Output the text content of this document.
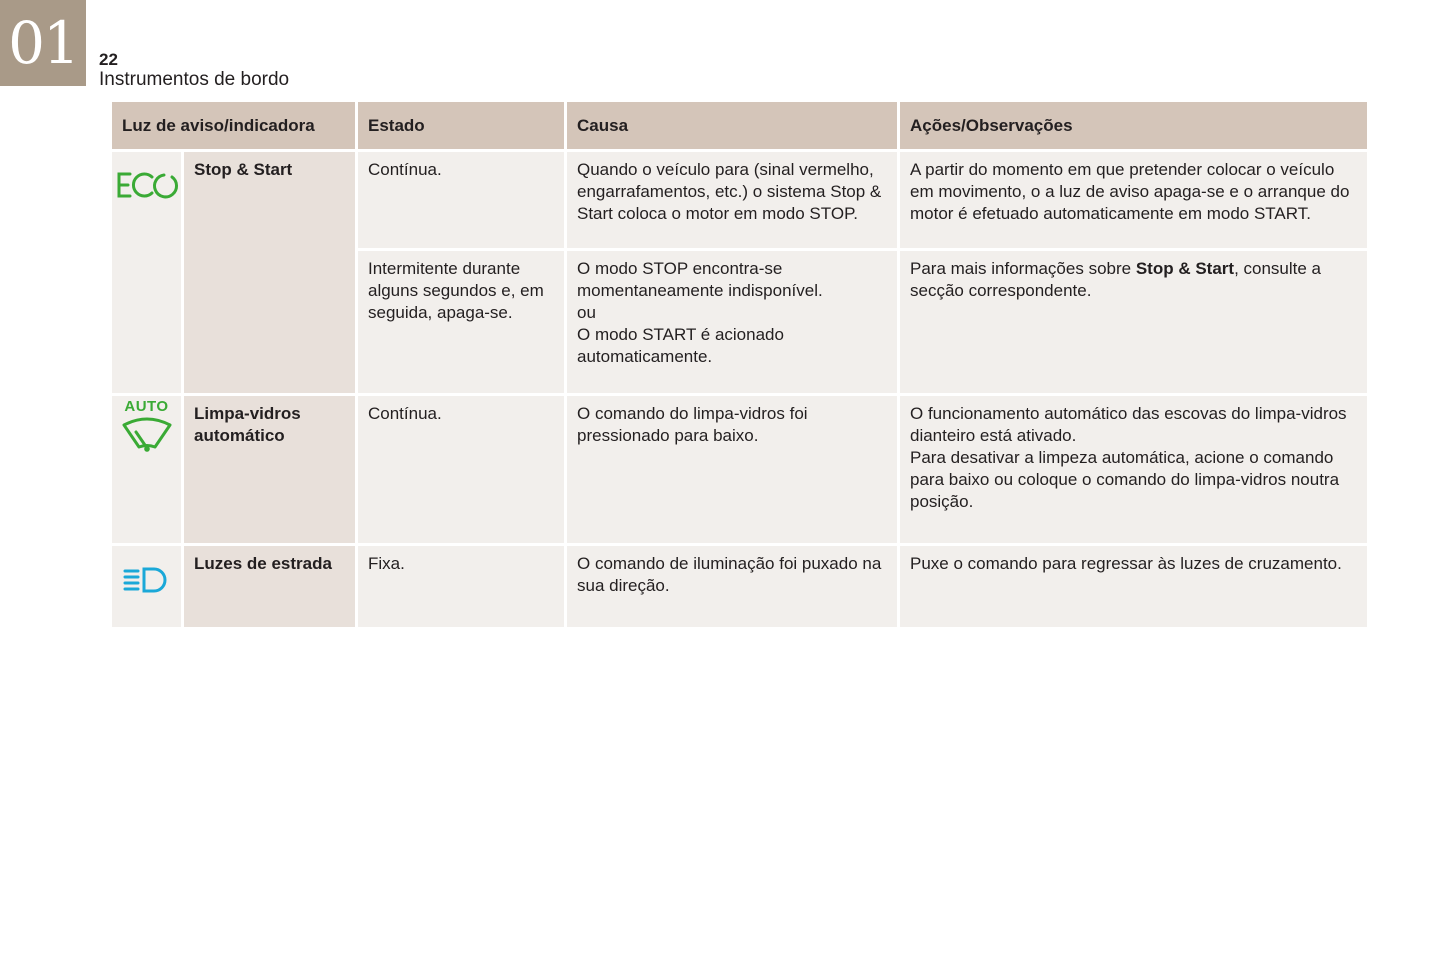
01 22
Instrumentos de bordo
Luz de aviso/indicadora		Estado	Causa	Ações/Observações

	Stop & Start	Contínua.	Quando o veículo para (sinal vermelho, engarrafamentos, etc.) o sistema Stop & Start coloca o motor em modo STOP.	A partir do momento em que pretender colocar o veículo em movimento, o a luz de aviso apaga-se e o arranque do motor é efetuado automaticamente em modo START.
		Intermitente durante alguns segundos e, em seguida, apaga-se.	O modo STOP encontra-se momentaneamente indisponível.
ou
O modo START é acionado automaticamente.	Para mais informações sobre Stop & Start, consulte a secção correspondente.

AUTO	Limpa-vidros automático	Contínua.	O comando do limpa-vidros foi pressionado para baixo.	O funcionamento automático das escovas do limpa-vidros dianteiro está ativado.
Para desativar a limpeza automática, acione o comando para baixo ou coloque o comando do limpa-vidros noutra posição.

	Luzes de estrada	Fixa.	O comando de iluminação foi puxado na sua direção.	Puxe o comando para regressar às luzes de cruzamento.
